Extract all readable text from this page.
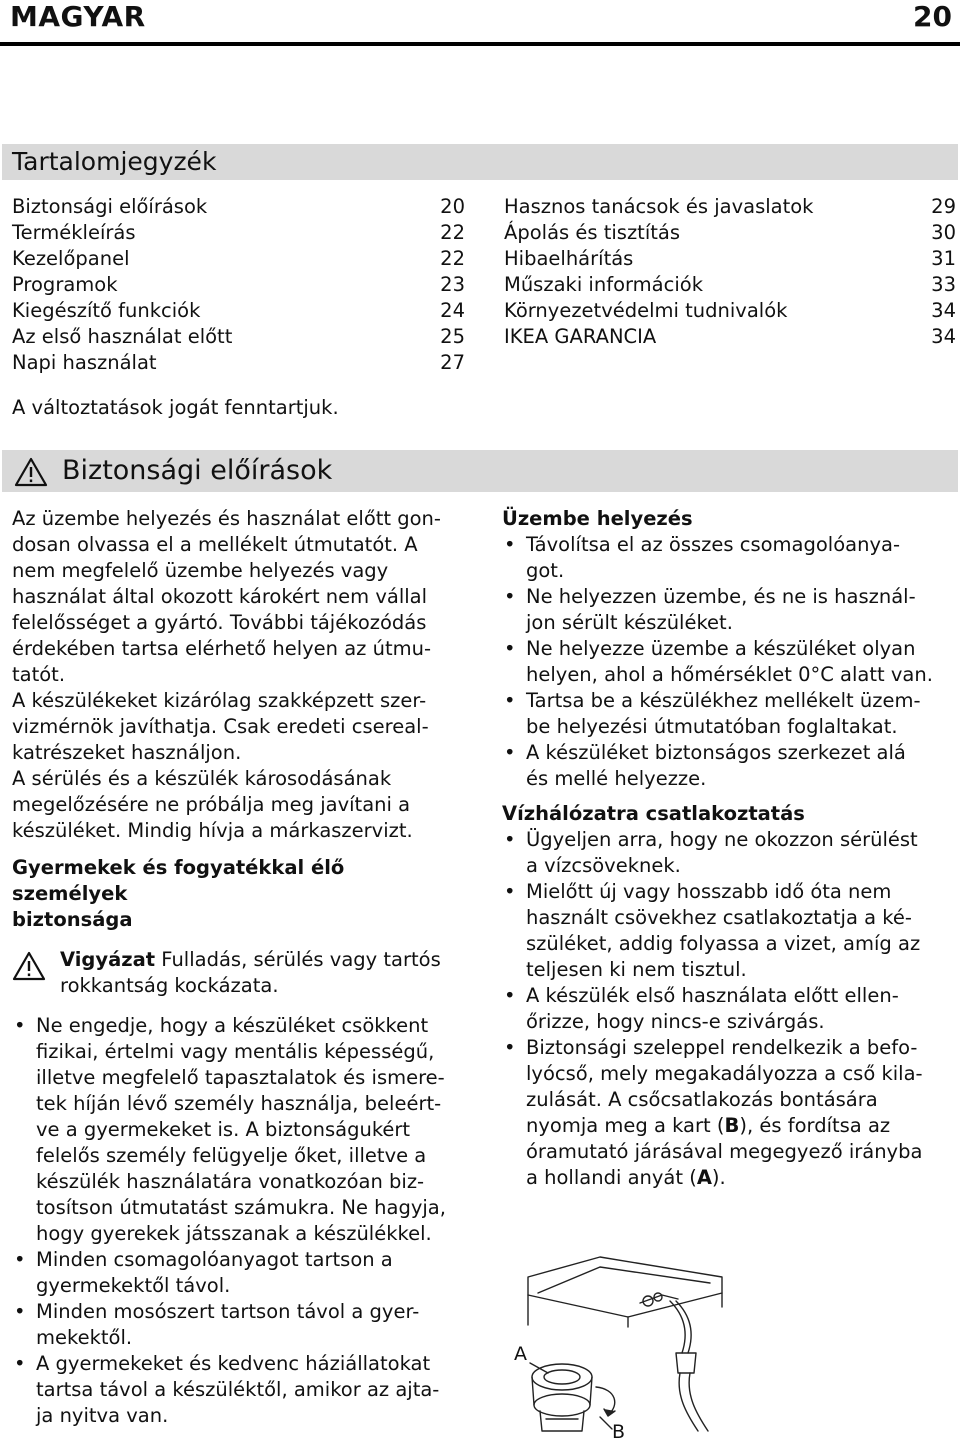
MAGYAR	20
Tartalomjegyzék
Biztonsági előírások	20
Termékleírás	22
Kezelőpanel	22
Programok	23
Kiegészítő funkciók	24
Az első használat előtt	25
Napi használat	27
Hasznos tanácsok és javaslatok	29
Ápolás és tisztítás	30
Hibaelhárítás	31
Műszaki információk	33
Környezetvédelmi tudnivalók	34
IKEA GARANCIA	34
A változtatások jogát fenntartjuk.
Biztonsági előírások

Az üzembe helyezés és használat előtt gon-
dosan olvassa el a mellékelt útmutatót. A
nem megfelelő üzembe helyezés vagy
használat által okozott károkért nem vállal
felelősséget a gyártó. További tájékozódás
érdekében tartsa elérhető helyen az útmu-
tatót.
A készülékeket kizárólag szakképzett szer-
vizmérnök javíthatja. Csak eredeti csereal-
katrészeket használjon.
A sérülés és a készülék károsodásának
megelőzésére ne próbálja meg javítani a
készüléket. Mindig hívja a márkaszervizt.

Gyermekek és fogyatékkal élő személyek
biztonsága

Vigyázat Fulladás, sérülés vagy tartós
rokkantság kockázata.
• Ne engedje, hogy a készüléket csökkent
fizikai, értelmi vagy mentális képességű,
illetve megfelelő tapasztalatok és ismere-
tek híján lévő személy használja, beleért-
ve a gyermekeket is. A biztonságukért
felelős személy felügyelje őket, illetve a
készülék használatára vonatkozóan biz-
tosítson útmutatást számukra. Ne hagyja,
hogy gyerekek játsszanak a készülékkel.
• Minden csomagolóanyagot tartson a
gyermekektől távol.
• Minden mosószert tartson távol a gyer-
mekektől.
• A gyermekeket és kedvenc háziállatokat
tartsa távol a készüléktől, amikor az ajta-
ja nyitva van.

Üzembe helyezés

• Távolítsa el az összes csomagolóanya-
got.
• Ne helyezzen üzembe, és ne is használ-
jon sérült készüléket.
• Ne helyezze üzembe a készüléket olyan
helyen, ahol a hőmérséklet 0°C alatt van.
• Tartsa be a készülékhez mellékelt üzem-
be helyezési útmutatóban foglaltakat.
• A készüléket biztonságos szerkezet alá
és mellé helyezze.

Vízhálózatra csatlakoztatás

• Ügyeljen arra, hogy ne okozzon sérülést
a vízcsöveknek.
• Mielőtt új vagy hosszabb idő óta nem
használt csövekhez csatlakoztatja a ké-
szüléket, addig folyassa a vizet, amíg az
teljesen ki nem tisztul.
• A készülék első használata előtt ellen-
őrizze, hogy nincs-e szivárgás.
• Biztonsági szeleppel rendelkezik a befo-
lyócső, mely megakadályozza a cső kila-
zulását. A csőcsatlakozás bontására
nyomja meg a kart (B), és fordítsa az
óramutató járásával megegyező irányba
a hollandi anyát (A).
A
B
